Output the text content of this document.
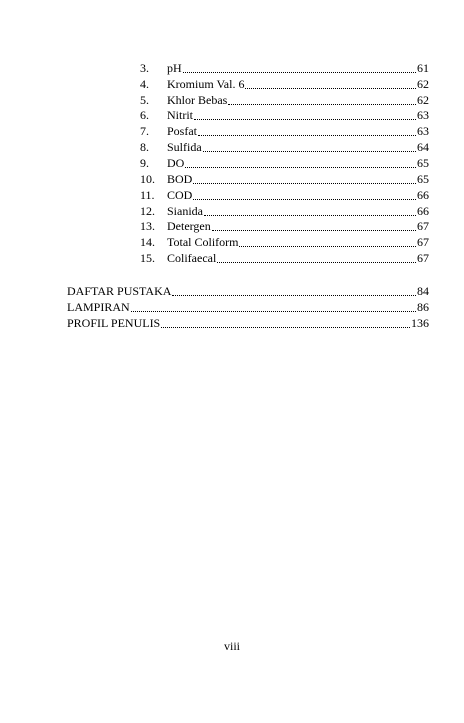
3.	pH	61
4.	Kromium Val. 6	62
5.	Khlor Bebas	62
6.	Nitrit	63
7.	Posfat	63
8.	Sulfida	64
9.	DO	65
10.	BOD	65
11.	COD	66
12.	Sianida	66
13.	Detergen	67
14.	Total Coliform	67
15.	Colifaecal	67
DAFTAR PUSTAKA	84
LAMPIRAN	86
PROFIL PENULIS	136
viii
